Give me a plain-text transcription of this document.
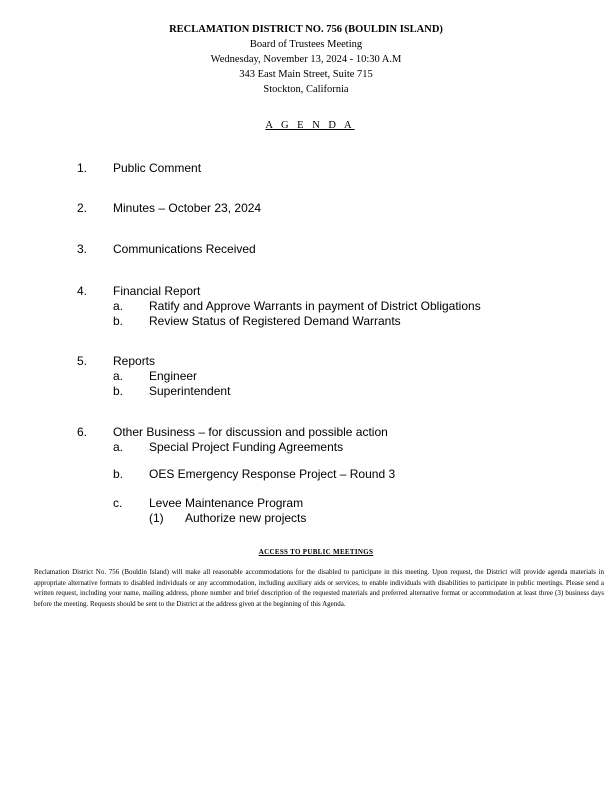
RECLAMATION DISTRICT NO. 756 (BOULDIN ISLAND)
Board of Trustees Meeting
Wednesday, November 13, 2024 - 10:30 A.M
343 East Main Street, Suite 715
Stockton, California
A G E N D A
1.	Public Comment
2.	Minutes – October 23, 2024
3.	Communications Received
4.	Financial Report
a. Ratify and Approve Warrants in payment of District Obligations
b. Review Status of Registered Demand Warrants
5.	Reports
a. Engineer
b. Superintendent
6.	Other Business – for discussion and possible action
a. Special Project Funding Agreements
b. OES Emergency Response Project – Round 3
c. Levee Maintenance Program
(1) Authorize new projects
ACCESS TO PUBLIC MEETINGS
Reclamation District No. 756 (Bouldin Island) will make all reasonable accommodations for the disabled to participate in this meeting. Upon request, the District will provide agenda materials in appropriate alternative formats to disabled individuals or any accommodation, including auxiliary aids or services, to enable individuals with disabilities to participate in public meetings. Please send a written request, including your name, mailing address, phone number and brief description of the requested materials and preferred alternative format or accommodation at least three (3) business days before the meeting. Requests should be sent to the District at the address given at the beginning of this Agenda.
